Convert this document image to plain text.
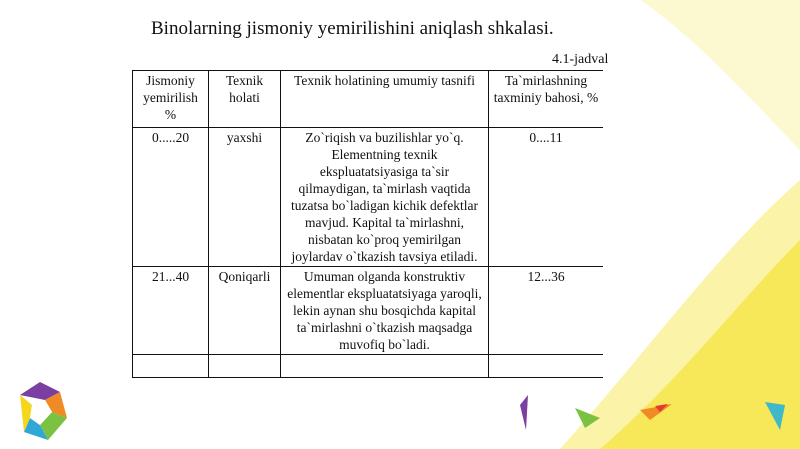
Binolarning jismoniy yemirilishini aniqlash shkalasi.
4.1-jadval
Jismoniy yemirilish %	Texnik holati	Texnik holatining umumiy tasnifi	Ta`mirlashning taxminiy bahosi, %
0.....20	yaxshi	Zo`riqish va buzilishlar yo`q. Elementning texnik ekspluatatsiyasiga ta`sir qilmaydigan, ta`mirlash vaqtida tuzatsa bo`ladigan kichik defektlar mavjud. Kapital ta`mirlashni, nisbatan ko`proq yemirilgan joylardav o`tkazish tavsiya etiladi.	0....11
21...40	Qoniqarli	Umuman olganda konstruktiv elementlar ekspluatatsiyaga yaroqli, lekin aynan shu bosqichda kapital ta`mirlashni o`tkazish maqsadga muvofiq bo`ladi.	12...36
